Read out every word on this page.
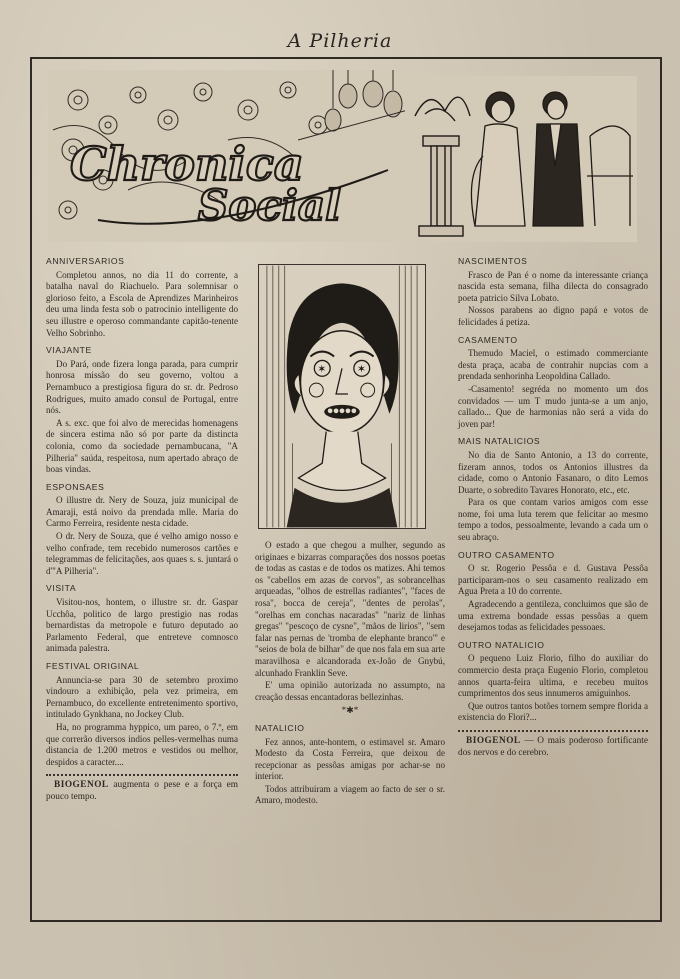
A Pilheria
Chronica
Social
ANNIVERSARIOS

Completou annos, no dia 11 do corrente, a batalha naval do Riachuelo. Para solemnisar o glorioso feito, a Escola de Aprendizes Marinheiros deu uma linda festa sob o patrocinio intelligente do seu illustre e operoso commandante capitão-tenente Velho Sobrinho.

VIAJANTE

Do Pará, onde fizera longa parada, para cumprir honrosa missão do seu governo, voltou a Pernambuco a prestigiosa figura do sr. dr. Pedroso Rodrigues, muito amado consul de Portugal, entre nós.

A s. exc. que foi alvo de merecidas homenagens de sincera estima não só por parte da distincta colonia, como da sociedade pernambucana, "A Pilheria" saúda, respeitosa, num apertado abraço de boas vindas.

ESPONSAES

O illustre dr. Nery de Souza, juiz municipal de Amaraji, está noivo da prendada mlle. Maria do Carmo Ferreira, residente nesta cidade.

O dr. Nery de Souza, que é velho amigo nosso e velho confrade, tem recebido numerosos cartões e telegrammas de felicitações, aos quaes s. s. juntará o d'"A Pilheria".

VISITA

Visitou-nos, hontem, o illustre sr. dr. Gaspar Ucchôa, politico de largo prestigio nas rodas bernardistas da metropole e futuro deputado ao Parlamento Federal, que entreteve comnosco animada palestra.

FESTIVAL ORIGINAL

Annuncia-se para 30 de setembro proximo vindouro a exhibição, pela vez primeira, em Pernambuco, do excellente entretenimento sportivo, intitulado Gynkhana, no Jockey Club.

Ha, no programma hyppico, um pareo, o 7.º, em que correrão diversos indios pelles-vermelhas numa distancia de 1.200 metros e vestidos ou melhor, despidos a caracter....

BIOGENOL augmenta o pese e a força em pouco tempo.
✶	✶

O estado a que chegou a mulher, segundo as originaes e bizarras comparações dos nossos poetas de todas as castas e de todos os matizes. Ahi temos os "cabellos em azas de corvos", as sobrancelhas arqueadas, "olhos de estrellas radiantes", "faces de rosa", bocca de cereja", "dentes de perolas", "orelhas em conchas nacaradas" "nariz de linhas gregas" "pescoço de cysne", "mãos de lirios", "sem falar nas pernas de 'tromba de elephante branco'" e "seios de bola de bilhar" de que nos fala em sua arte maravilhosa e alcandorada ex-João de Gnybú, alcunhado Franklin Seve.

E' uma opinião autorizada no assumpto, na creação dessas encantadoras bellezinhas.

*✱*
NATALICIO

Fez annos, ante-hontem, o estimavel sr. Amaro Modesto da Costa Ferreira, que deixou de recepcionar as pessôas amigas por achar-se no interior.

Todos attribuiram a viagem ao facto de ser o sr. Amaro, modesto.

NASCIMENTOS

Frasco de Pan é o nome da interessante criança nascida esta semana, filha dilecta do consagrado poeta patricio Silva Lobato.

Nossos parabens ao digno papá e votos de felicidades á petiza.

CASAMENTO

Themudo Maciel, o estimado commerciante desta praça, acaba de contrahir nupcias com a prendada senhorinha Leopoldina Callado.

-Casamento! segréda no momento um dos convidados — um T mudo junta-se a um anjo, callado... Que de harmonias não será a vida do joven par!

MAIS NATALICIOS

No dia de Santo Antonio, a 13 do corrente, fizeram annos, todos os Antonios illustres da cidade, como o Antonio Fasanaro, o dito Lemos Duarte, o sobredito Tavares Honorato, etc., etc.

Para os que contam varios amigos com esse nome, foi uma luta terem que felicitar ao mesmo tempo a todos, pessoalmente, levando a cada um o seu abraço.

OUTRO CASAMENTO

O sr. Rogerio Pessôa e d. Gustava Pessôa participaram-nos o seu casamento realizado em Agua Preta a 10 do corrente.

Agradecendo a gentileza, concluimos que são de uma extrema bondade essas pessôas a quem desejamos todas as felicidades pessoaes.

OUTRO NATALICIO

O pequeno Luiz Florio, filho do auxiliar do commercio desta praça Eugenio Florio, completou annos quarta-feira ultima, e recebeu muitos cumprimentos dos seus innumeros amiguinhos.

Que outros tantos botões tornem sempre florida a existencia do Flori?...

BIOGENOL — O mais poderoso fortificante dos nervos e do cerebro.
